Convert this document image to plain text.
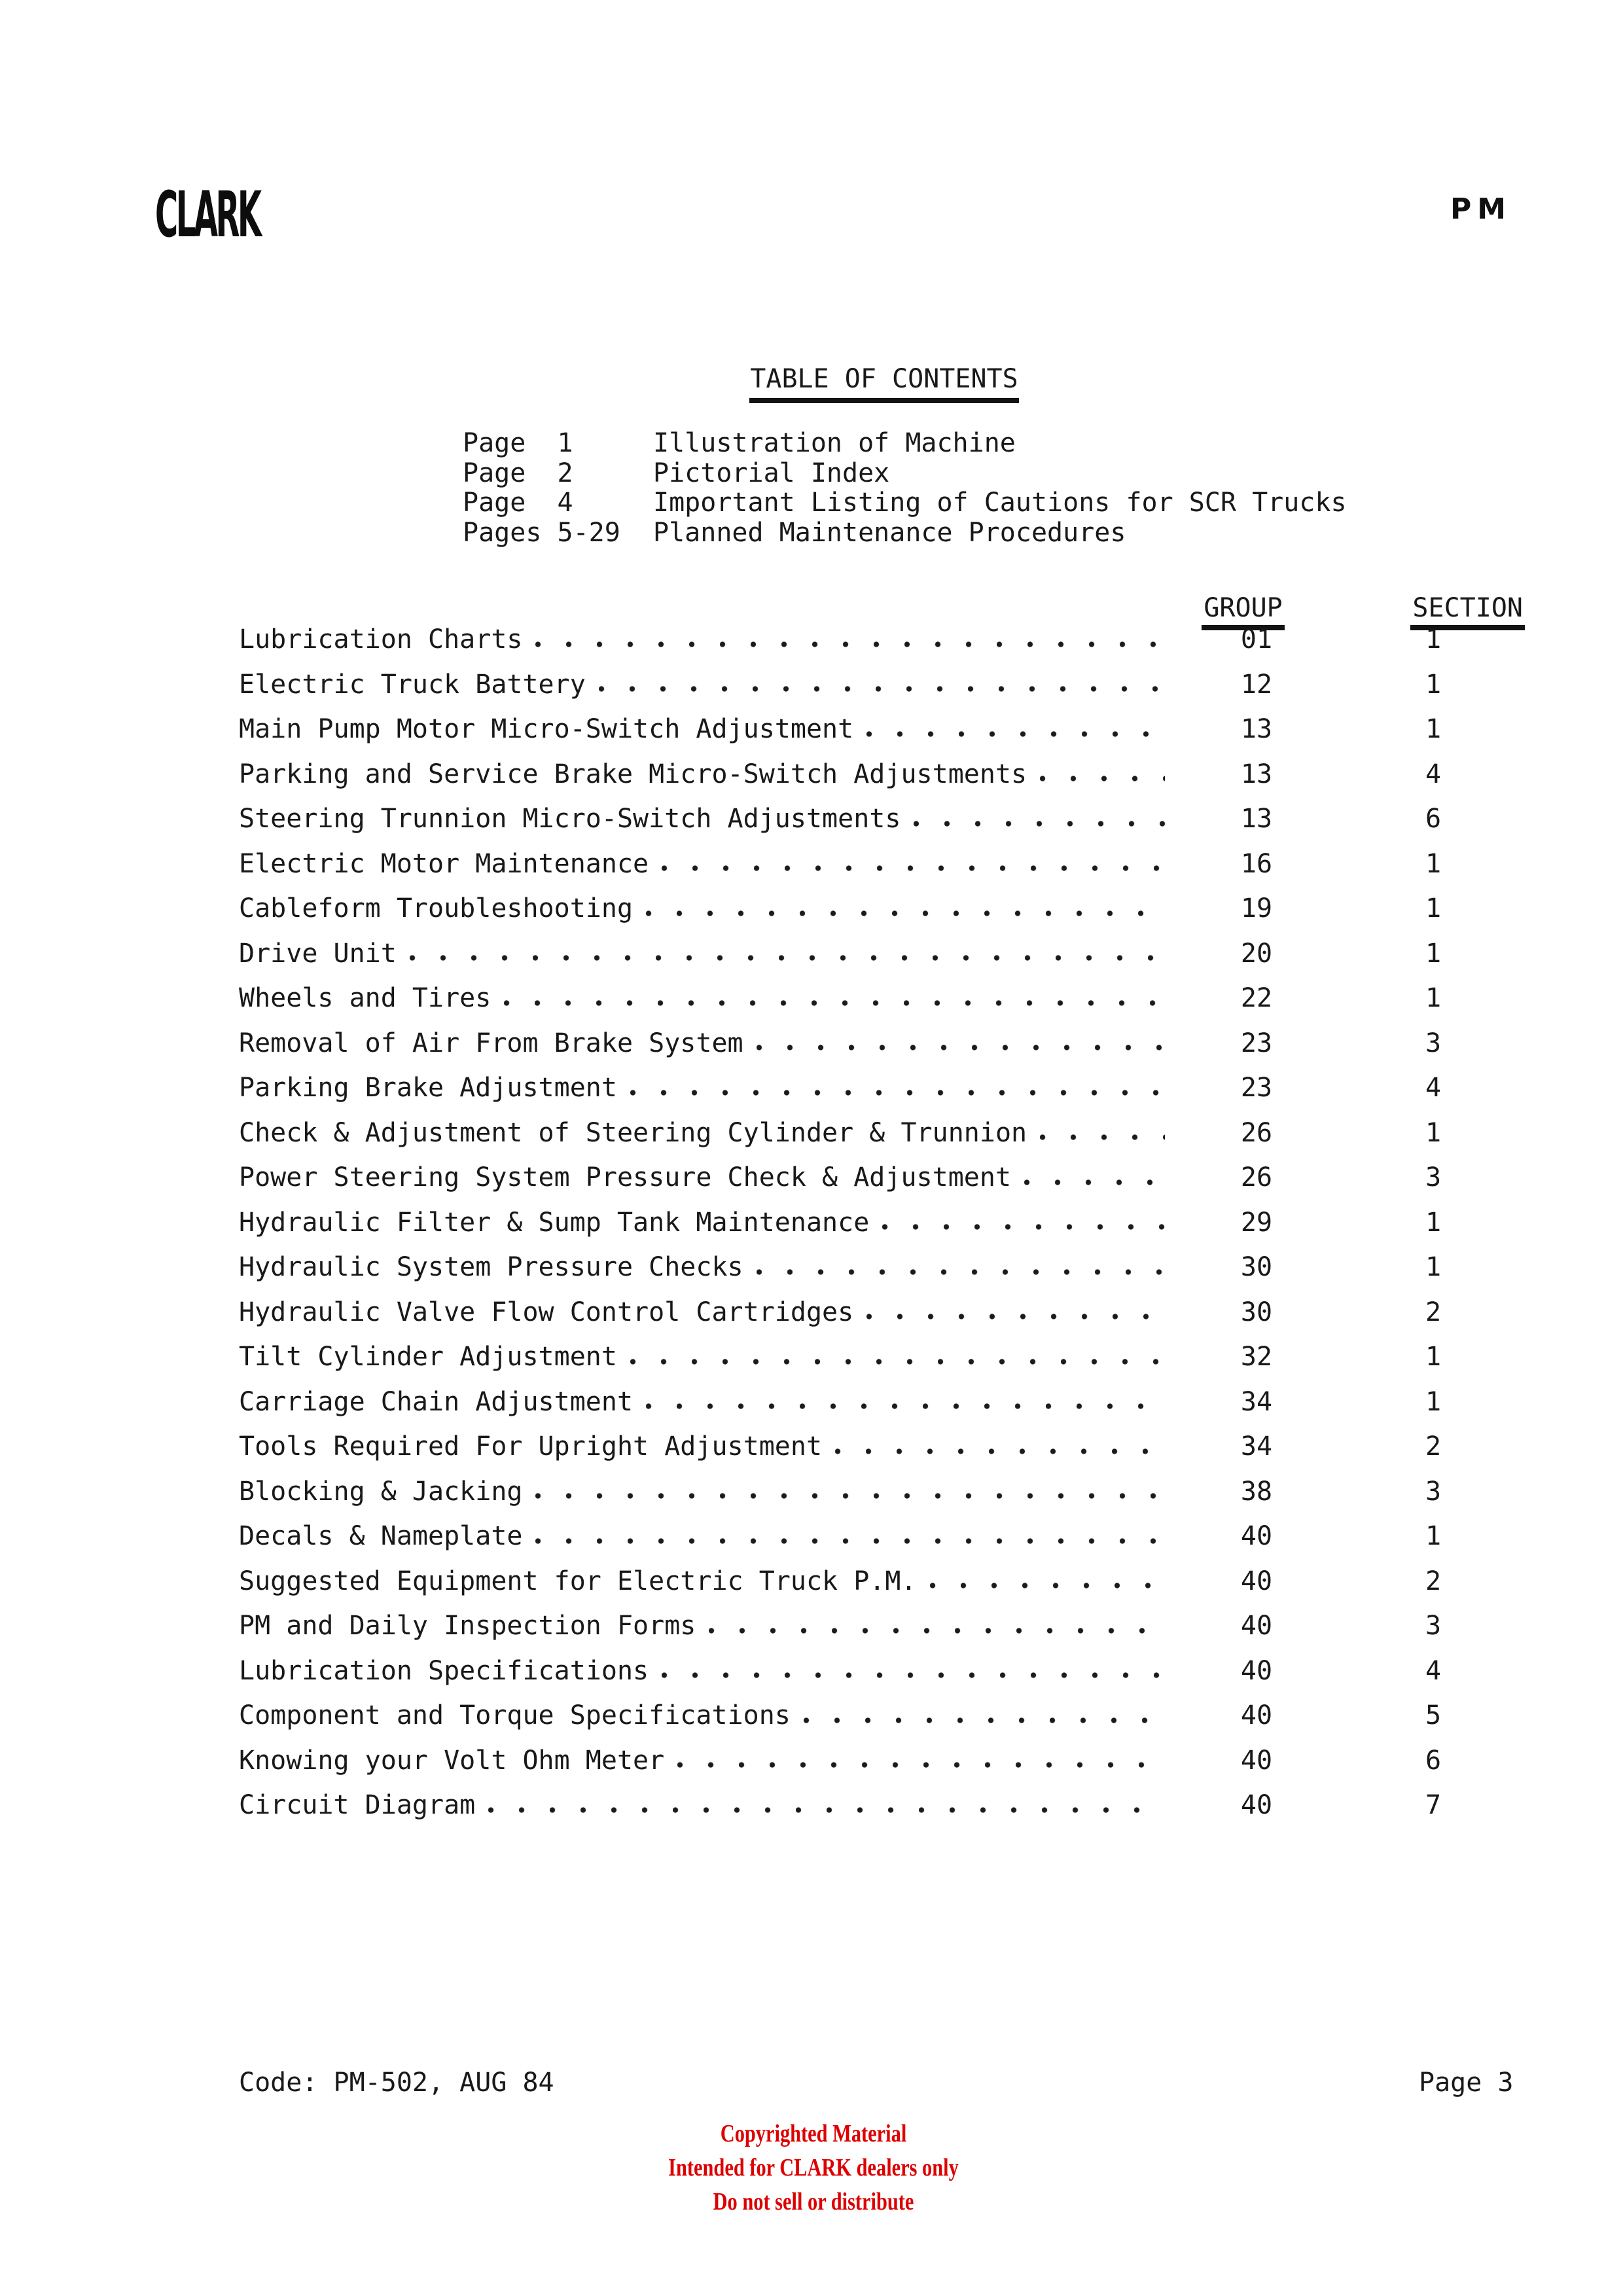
CLARK	PM
TABLE OF CONTENTS
Page  1	Illustration of Machine
Page  2	Pictorial Index
Page  4	Important Listing of Cautions for SCR Trucks
Pages 5-29	Planned Maintenance Procedures

GROUP
	SECTION

Lubrication Charts	01	1
Electric Truck Battery	12	1
Main Pump Motor Micro-Switch Adjustment	13	1
Parking and Service Brake Micro-Switch Adjustments	13	4
Steering Trunnion Micro-Switch Adjustments	13	6
Electric Motor Maintenance	16	1
Cableform Troubleshooting	19	1
Drive Unit	20	1
Wheels and Tires	22	1
Removal of Air From Brake System	23	3
Parking Brake Adjustment	23	4
Check & Adjustment of Steering Cylinder & Trunnion	26	1
Power Steering System Pressure Check & Adjustment	26	3
Hydraulic Filter & Sump Tank Maintenance	29	1
Hydraulic System Pressure Checks	30	1
Hydraulic Valve Flow Control Cartridges	30	2
Tilt Cylinder Adjustment	32	1
Carriage Chain Adjustment	34	1
Tools Required For Upright Adjustment	34	2
Blocking & Jacking	38	3
Decals & Nameplate	40	1
Suggested Equipment for Electric Truck P.M.	40	2
PM and Daily Inspection Forms	40	3
Lubrication Specifications	40	4
Component and Torque Specifications	40	5
Knowing your Volt Ohm Meter	40	6
Circuit Diagram	40	7
Code: PM-502, AUG 84	Page 3
Copyrighted Material
Intended for CLARK dealers only
Do not sell or distribute
